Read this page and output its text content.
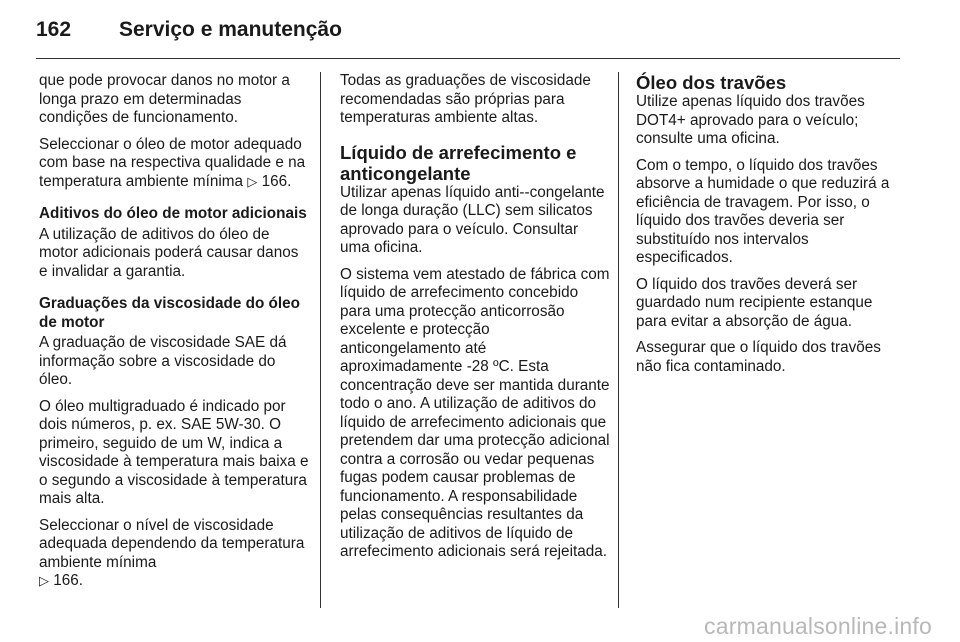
162 Serviço e manutenção

que pode provocar danos no motor a longa prazo em determinadas condições de funcionamento.

Seleccionar o óleo de motor adequado com base na respectiva qualidade e na temperatura ambiente mínima ▷ 166.

Aditivos do óleo de motor adicionais

A utilização de aditivos do óleo de motor adicionais poderá causar danos e invalidar a garantia.

Graduações da viscosidade do óleo de motor

A graduação de viscosidade SAE dá informação sobre a viscosidade do óleo.

O óleo multigraduado é indicado por dois números, p. ex. SAE 5W-30. O primeiro, seguido de um W, indica a viscosidade à temperatura mais baixa e o segundo a viscosidade à temperatura mais alta.

Seleccionar o nível de viscosidade adequada dependendo da temperatura ambiente mínima
▷ 166.

Todas as graduações de viscosidade recomendadas são próprias para temperaturas ambiente altas.

Líquido de arrefecimento e anticongelante

Utilizar apenas líquido anti--congelante de longa duração (LLC) sem silicatos aprovado para o veículo. Consultar uma oficina.

O sistema vem atestado de fábrica com líquido de arrefecimento concebido para uma protecção anticorrosão excelente e protecção anticongelamento até aproximadamente -28 ºC. Esta concentração deve ser mantida durante todo o ano. A utilização de aditivos do líquido de arrefecimento adicionais que pretendem dar uma protecção adicional contra a corrosão ou vedar pequenas fugas podem causar problemas de funcionamento. A responsabilidade pelas consequências resultantes da utilização de aditivos de líquido de arrefecimento adicionais será rejeitada.

Óleo dos travões

Utilize apenas líquido dos travões DOT4+ aprovado para o veículo; consulte uma oficina.

Com o tempo, o líquido dos travões absorve a humidade o que reduzirá a eficiência de travagem. Por isso, o líquido dos travões deveria ser substituído nos intervalos especificados.

O líquido dos travões deverá ser guardado num recipiente estanque para evitar a absorção de água.

Assegurar que o líquido dos travões não fica contaminado.

carmanualsonline.info
